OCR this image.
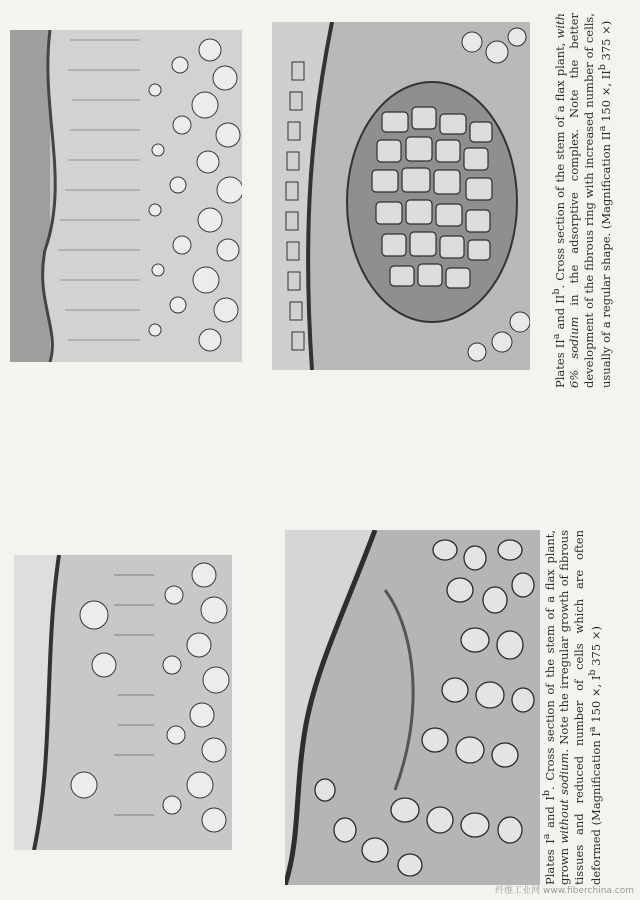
Plates $II^a$ and $II^b$. Cross section of the stem of a flax plant, with 6% sodium in the adsorptive complex. Note the better development of the fibrous ring with increased number of cells, usually of a regular shape. (Magnification $II^a$ 150 ×, $II^b$ 375 ×)
Plates $I^a$ and $I^b$. Cross section of the stem of a flax plant, grown without sodium. Note the irregular growth of fibrous tissues and reduced number of cells which are often deformed (Magnification $I^a$ 150 ×, $I^b$ 375 ×)
纤维工业网 www.fiberchina.com
